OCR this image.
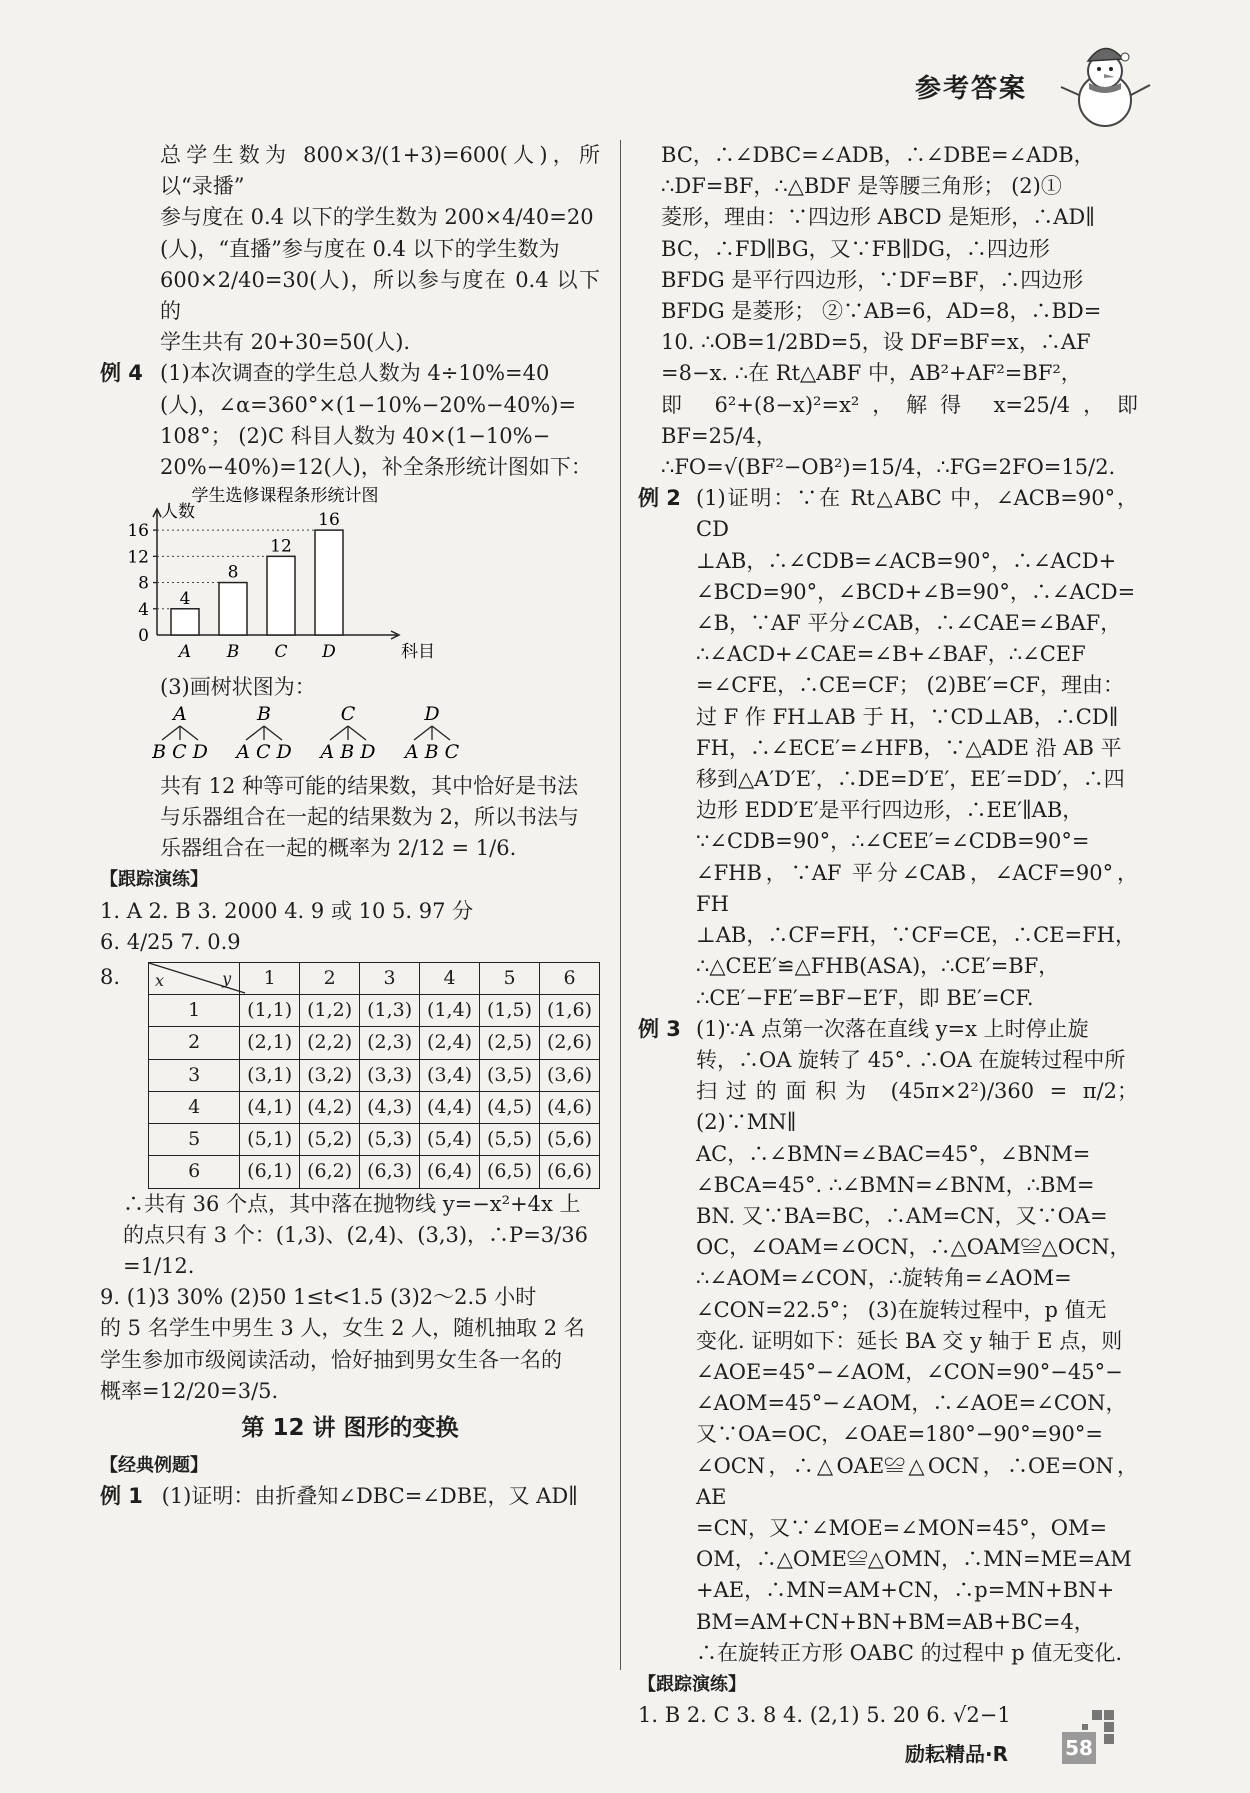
参考答案
总学生数为 800×3/(1+3)=600(人)，所以“录播”
参与度在 0.4 以下的学生数为 200×4/40=20
(人)，“直播”参与度在 0.4 以下的学生数为
600×2/40=30(人)，所以参与度在 0.4 以下的
学生共有 20+30=50(人).
例 4 (1)本次调查的学生总人数为 4÷10%=40
(人)，∠α=360°×(1−10%−20%−40%)=
108°； (2)C 科目人数为 40×(1−10%−
20%−40%)=12(人)，补全条形统计图如下：
学生选修课程条形统计图
人数
科目
0
4
8
12
16
4
A
8
B
12
C
16
D
(3)画树状图为：
A
B C D
B
A C D
C
A B D
D
A B C
共有 12 种等可能的结果数，其中恰好是书法
与乐器组合在一起的结果数为 2，所以书法与
乐器组合在一起的概率为 2/12 = 1/6.
【跟踪演练】
1. A 2. B 3. 2000 4. 9 或 10 5. 97 分
6. 4/25 7. 0.9
8.	y
x	1	2	3	4	5	6
1	(1,1)	(1,2)	(1,3)	(1,4)	(1,5)	(1,6)
2	(2,1)	(2,2)	(2,3)	(2,4)	(2,5)	(2,6)
3	(3,1)	(3,2)	(3,3)	(3,4)	(3,5)	(3,6)
4	(4,1)	(4,2)	(4,3)	(4,4)	(4,5)	(4,6)
5	(5,1)	(5,2)	(5,3)	(5,4)	(5,5)	(5,6)
6	(6,1)	(6,2)	(6,3)	(6,4)	(6,5)	(6,6)
∴共有 36 个点，其中落在抛物线 y=−x²+4x 上
的点只有 3 个：(1,3)、(2,4)、(3,3)，∴P=3/36
=1/12.
9. (1)3 30% (2)50 1≤t<1.5 (3)2～2.5 小时
的 5 名学生中男生 3 人，女生 2 人，随机抽取 2 名
学生参加市级阅读活动，恰好抽到男女生各一名的
概率=12/20=3/5.
第 12 讲 图形的变换
【经典例题】
例 1 (1)证明：由折叠知∠DBC=∠DBE，又 AD∥
BC，∴∠DBC=∠ADB，∴∠DBE=∠ADB，
∴DF=BF，∴△BDF 是等腰三角形； (2)①
菱形，理由：∵四边形 ABCD 是矩形，∴AD∥
BC，∴FD∥BG，又∵FB∥DG，∴四边形
BFDG 是平行四边形，∵DF=BF，∴四边形
BFDG 是菱形； ②∵AB=6，AD=8，∴BD=
10. ∴OB=1/2BD=5，设 DF=BF=x，∴AF
=8−x. ∴在 Rt△ABF 中，AB²+AF²=BF²，
即 6²+(8−x)²=x²，解得 x=25/4，即 BF=25/4，
∴FO=√(BF²−OB²)=15/4，∴FG=2FO=15/2.
例 2 (1)证明：∵在 Rt△ABC 中，∠ACB=90°，CD
⊥AB，∴∠CDB=∠ACB=90°，∴∠ACD+
∠BCD=90°，∠BCD+∠B=90°，∴∠ACD=
∠B，∵AF 平分∠CAB，∴∠CAE=∠BAF，
∴∠ACD+∠CAE=∠B+∠BAF，∴∠CEF
=∠CFE，∴CE=CF； (2)BE′=CF，理由：
过 F 作 FH⊥AB 于 H，∵CD⊥AB，∴CD∥
FH，∴∠ECE′=∠HFB，∵△ADE 沿 AB 平
移到△A′D′E′，∴DE=D′E′，EE′=DD′，∴四
边形 EDD′E′是平行四边形，∴EE′∥AB，
∵∠CDB=90°，∴∠CEE′=∠CDB=90°=
∠FHB，∵AF 平分∠CAB，∠ACF=90°，FH
⊥AB，∴CF=FH，∵CF=CE，∴CE=FH，
∴△CEE′≌△FHB(ASA)，∴CE′=BF，
∴CE′−FE′=BF−E′F，即 BE′=CF.
例 3 (1)∵A 点第一次落在直线 y=x 上时停止旋
转，∴OA 旋转了 45°. ∴OA 在旋转过程中所
扫过的面积为 (45π×2²)/360 = π/2； (2)∵MN∥
AC，∴∠BMN=∠BAC=45°，∠BNM=
∠BCA=45°. ∴∠BMN=∠BNM，∴BM=
BN. 又∵BA=BC，∴AM=CN，又∵OA=
OC，∠OAM=∠OCN，∴△OAM≌△OCN，
∴∠AOM=∠CON，∴旋转角=∠AOM=
∠CON=22.5°； (3)在旋转过程中，p 值无
变化. 证明如下：延长 BA 交 y 轴于 E 点，则
∠AOE=45°−∠AOM，∠CON=90°−45°−
∠AOM=45°−∠AOM，∴∠AOE=∠CON，
又∵OA=OC，∠OAE=180°−90°=90°=
∠OCN，∴△OAE≌△OCN，∴OE=ON，AE
=CN，又∵∠MOE=∠MON=45°，OM=
OM，∴△OME≌△OMN，∴MN=ME=AM
+AE，∴MN=AM+CN，∴p=MN+BN+
BM=AM+CN+BN+BM=AB+BC=4，
∴在旋转正方形 OABC 的过程中 p 值无变化.
【跟踪演练】
1. B 2. C 3. 8 4. (2,1) 5. 20 6. √2−1
励耘精品·R	58
